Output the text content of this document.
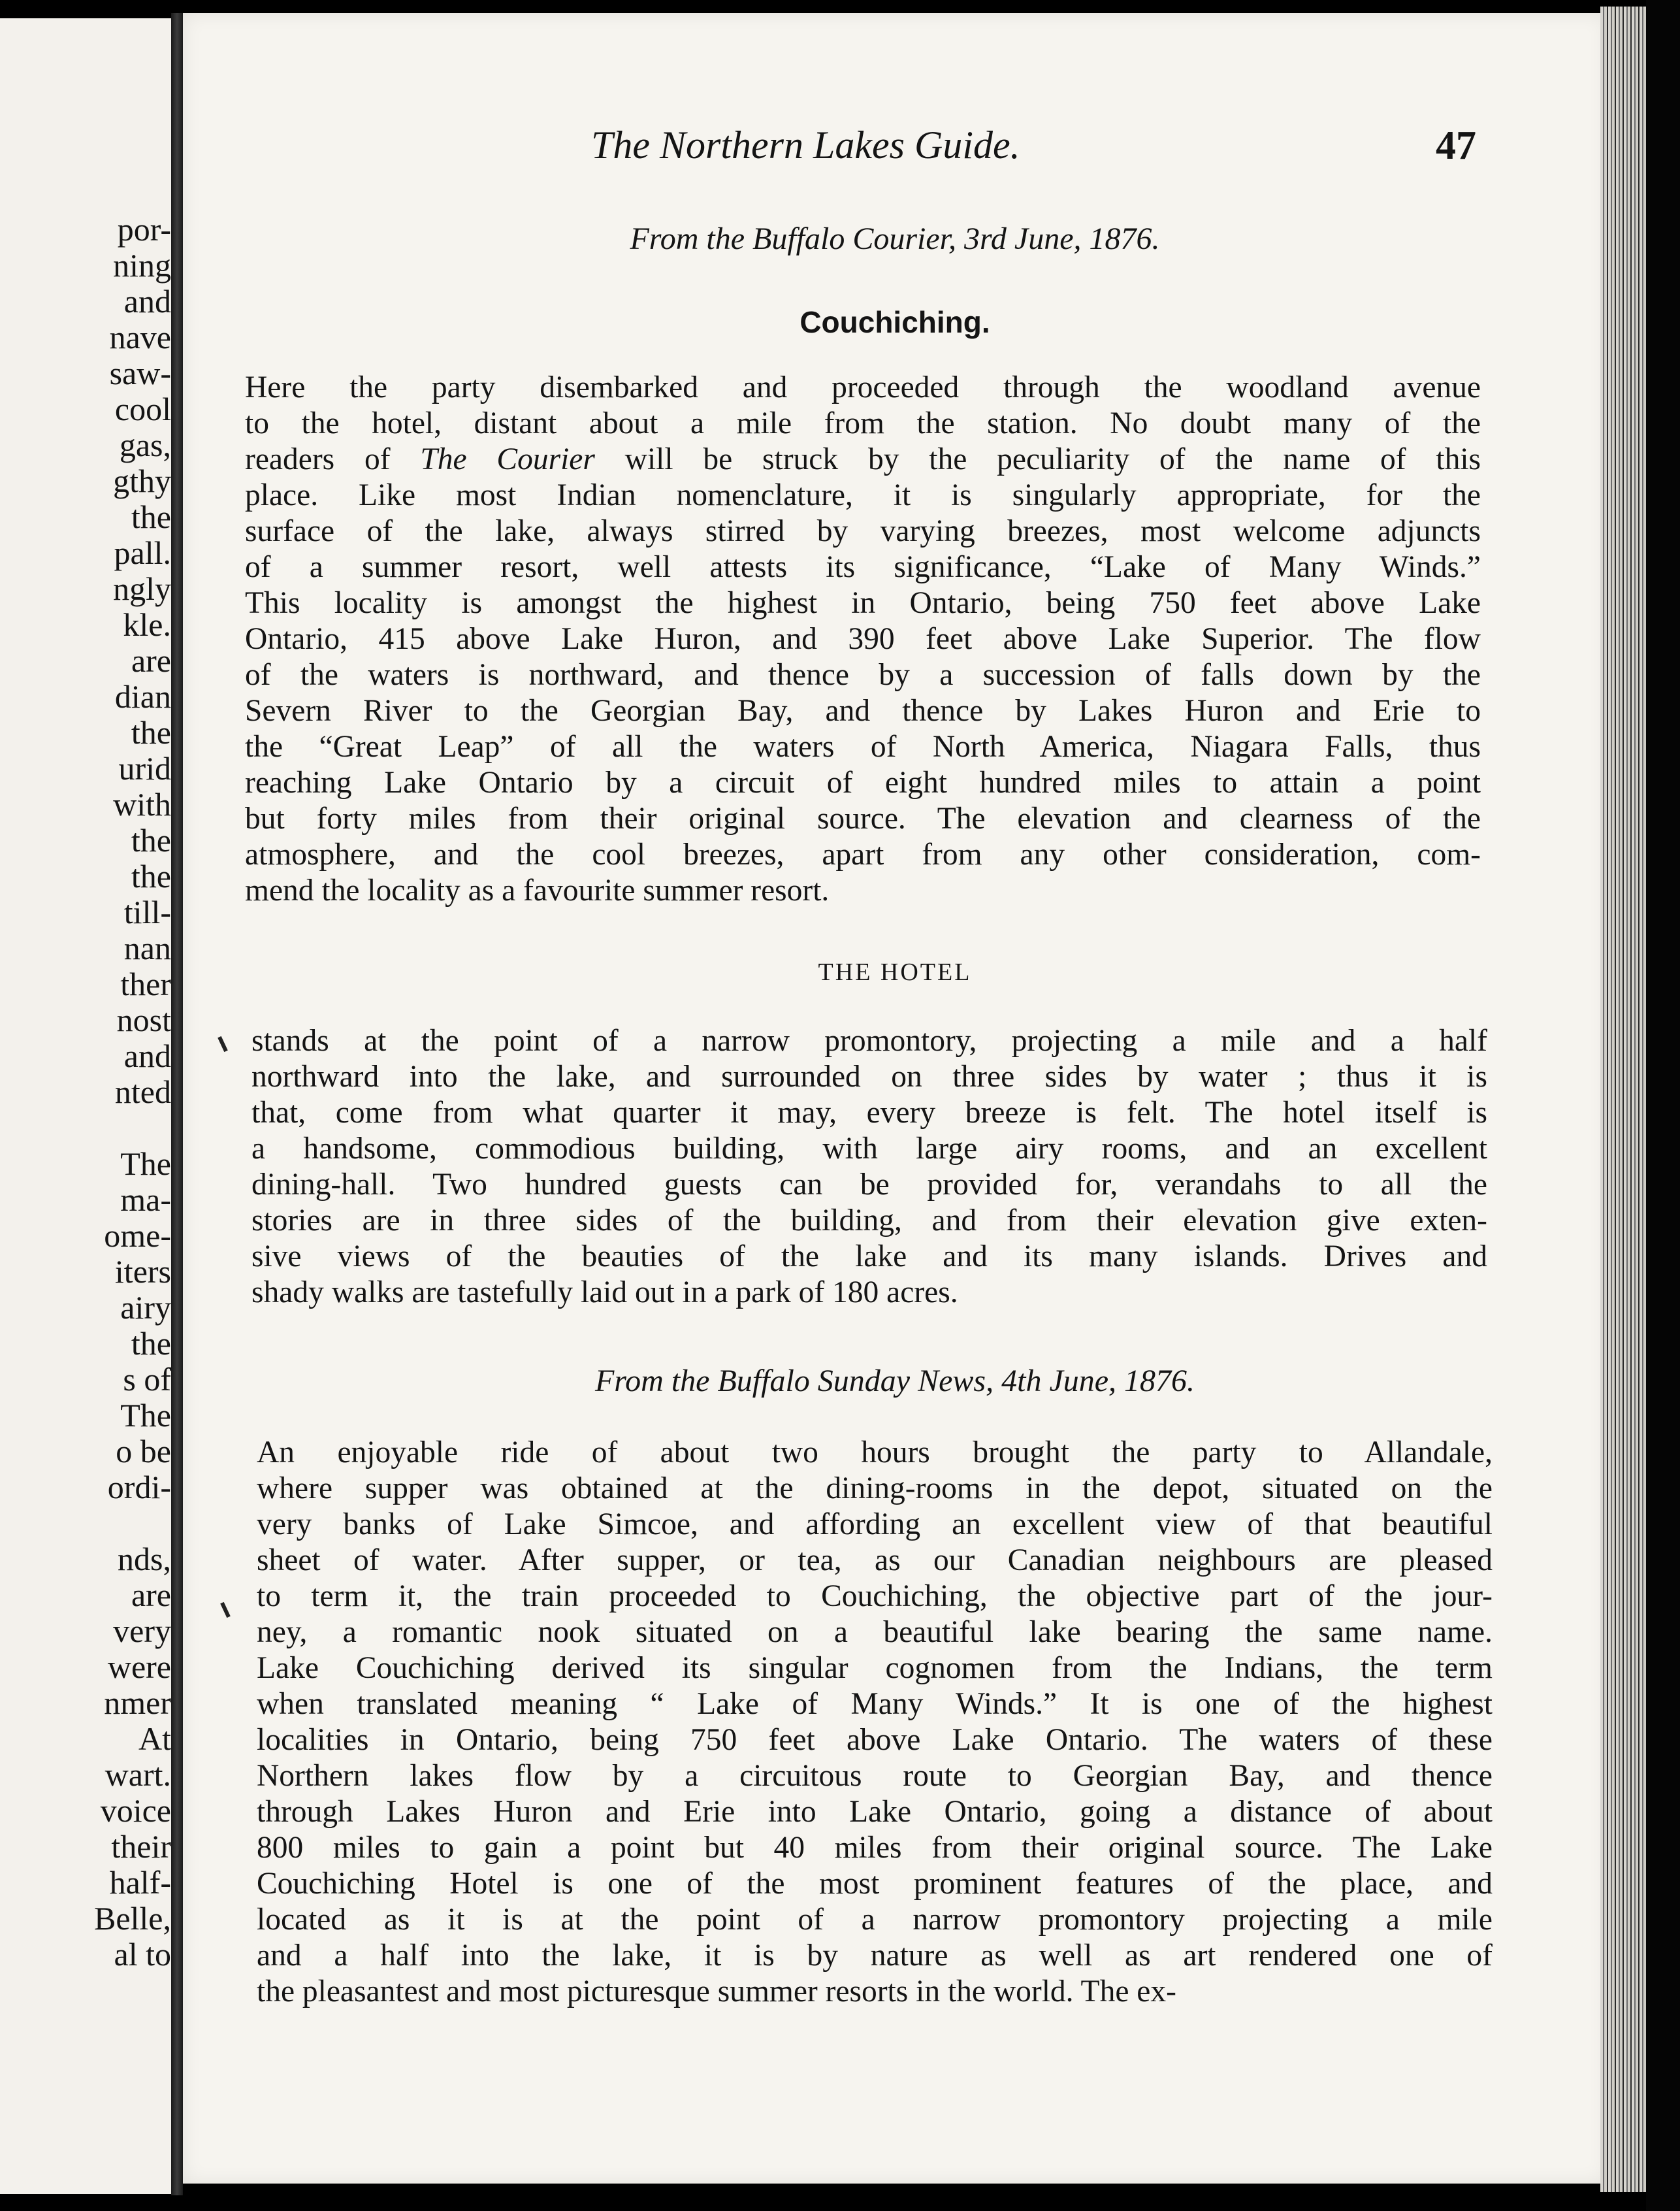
por-
ning
and
nave
saw-
cool
gas,
gthy
the
pall.
ngly
kle.
are
dian
the
urid
with
the
the
till-
nan
ther
nost
and
nted

The
ma-
ome-
iters
airy
the
s of
The
o be
ordi-

nds,
are
very
were
nmer
At
wart.
voice
their
half-
Belle,
al to
The Northern Lakes Guide.	47
From the Buffalo Courier, 3rd June, 1876.
Couchiching.
Here the party disembarked and proceeded through the woodland avenue
to the hotel, distant about a mile from the station. No doubt many of the
readers of The Courier will be struck by the peculiarity of the name of this
place. Like most Indian nomenclature, it is singularly appropriate, for the
surface of the lake, always stirred by varying breezes, most welcome adjuncts
of a summer resort, well attests its significance, “Lake of Many Winds.”
This locality is amongst the highest in Ontario, being 750 feet above Lake
Ontario, 415 above Lake Huron, and 390 feet above Lake Superior. The flow
of the waters is northward, and thence by a succession of falls down by the
Severn River to the Georgian Bay, and thence by Lakes Huron and Erie to
the “Great Leap” of all the waters of North America, Niagara Falls, thus
reaching Lake Ontario by a circuit of eight hundred miles to attain a point
but forty miles from their original source. The elevation and clearness of the
atmosphere, and the cool breezes, apart from any other consideration, com-
mend the locality as a favourite summer resort.
THE HOTEL
stands at the point of a narrow promontory, projecting a mile and a half
northward into the lake, and surrounded on three sides by water ; thus it is
that, come from what quarter it may, every breeze is felt. The hotel itself is
a handsome, commodious building, with large airy rooms, and an excellent
dining-hall. Two hundred guests can be provided for, verandahs to all the
stories are in three sides of the building, and from their elevation give exten-
sive views of the beauties of the lake and its many islands. Drives and
shady walks are tastefully laid out in a park of 180 acres.
From the Buffalo Sunday News, 4th June, 1876.
An enjoyable ride of about two hours brought the party to Allandale,
where supper was obtained at the dining-rooms in the depot, situated on the
very banks of Lake Simcoe, and affording an excellent view of that beautiful
sheet of water. After supper, or tea, as our Canadian neighbours are pleased
to term it, the train proceeded to Couchiching, the objective part of the jour-
ney, a romantic nook situated on a beautiful lake bearing the same name.
Lake Couchiching derived its singular cognomen from the Indians, the term
when translated meaning “ Lake of Many Winds.” It is one of the highest
localities in Ontario, being 750 feet above Lake Ontario. The waters of these
Northern lakes flow by a circuitous route to Georgian Bay, and thence
through Lakes Huron and Erie into Lake Ontario, going a distance of about
800 miles to gain a point but 40 miles from their original source. The Lake
Couchiching Hotel is one of the most prominent features of the place, and
located as it is at the point of a narrow promontory projecting a mile
and a half into the lake, it is by nature as well as art rendered one of
the pleasantest and most picturesque summer resorts in the world. The ex-
